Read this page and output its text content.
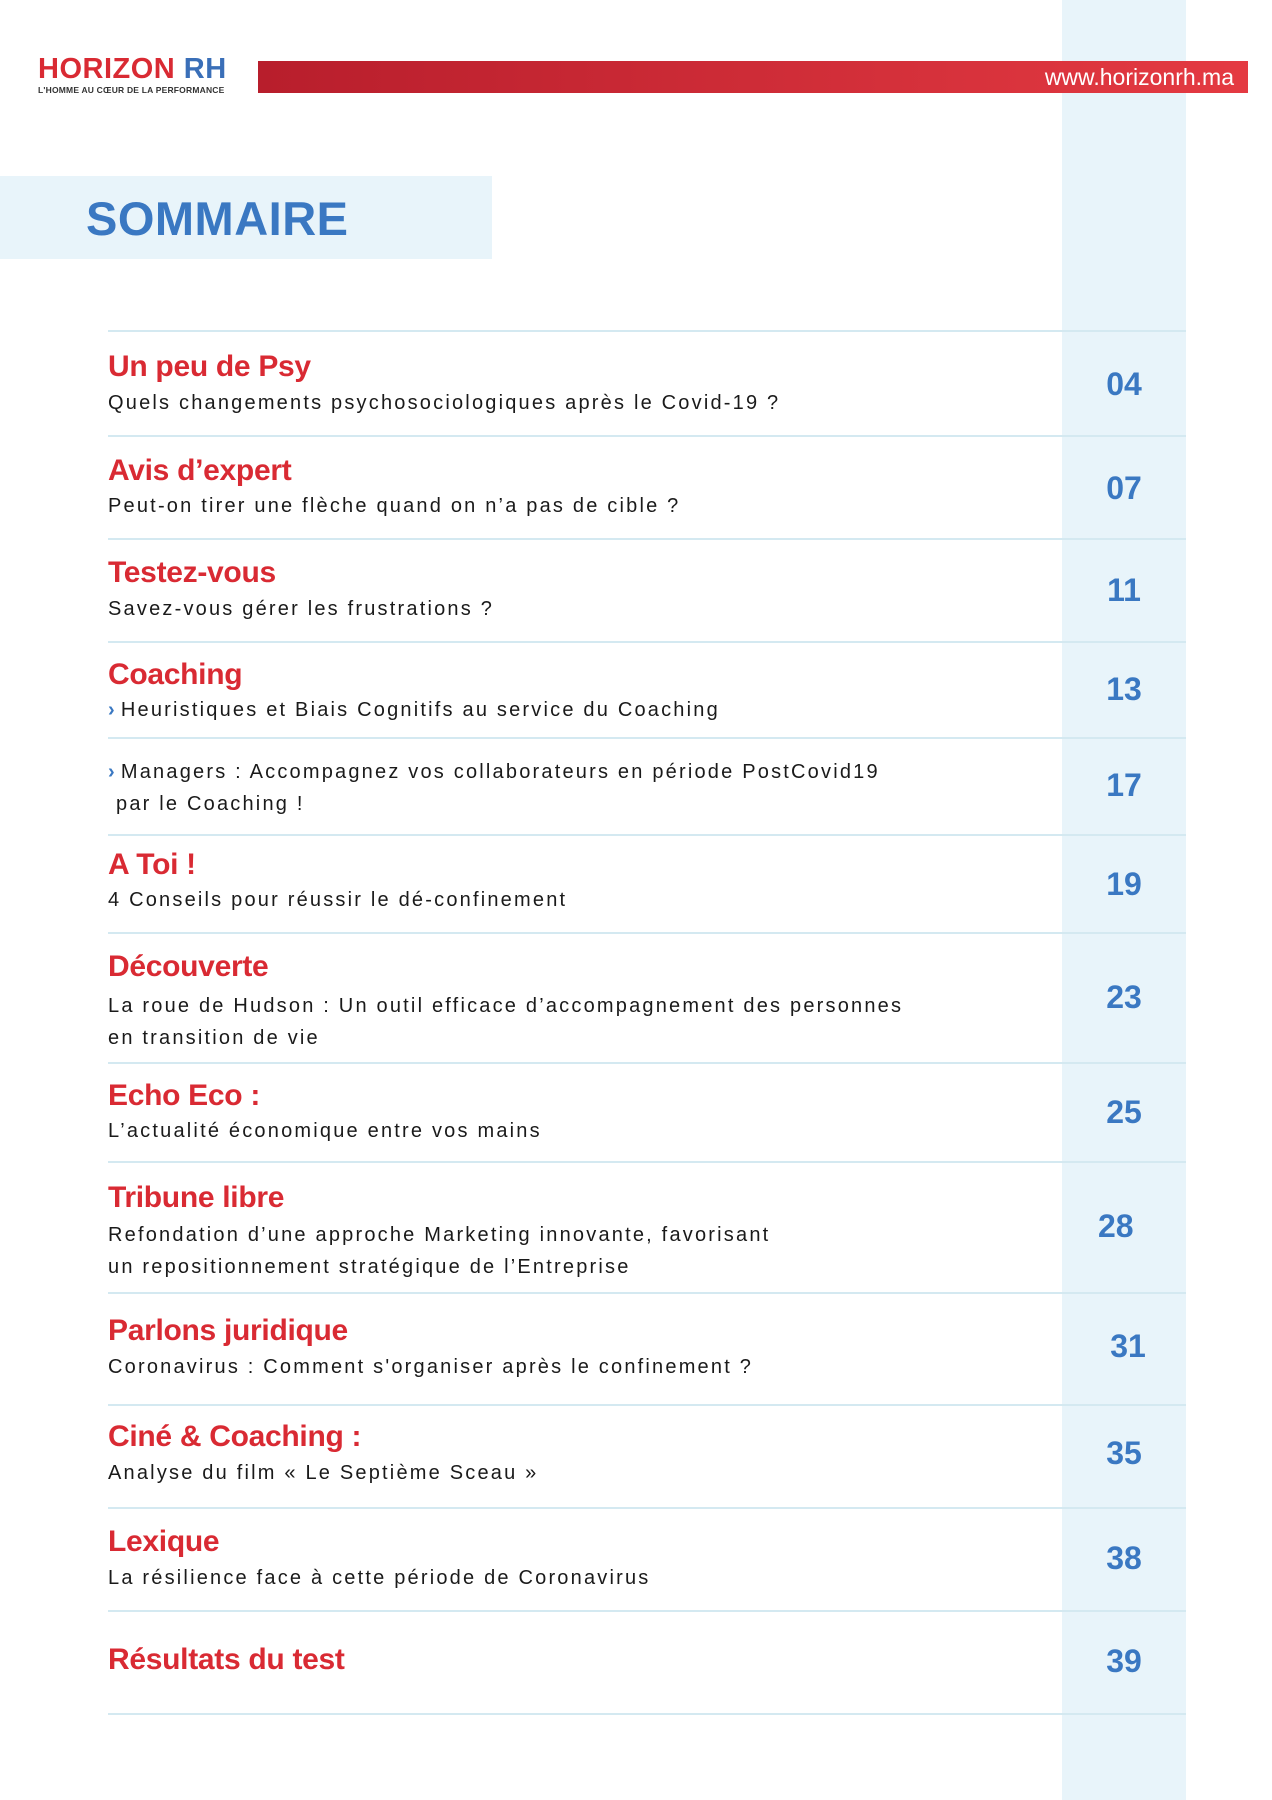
HORIZON RH
L'HOMME AU CŒUR DE LA PERFORMANCE	www.horizonrh.ma
SOMMAIRE
Un peu de Psy
Quels changements psychosociologiques après le Covid-19 ?
04
Avis d’expert
Peut-on tirer une flèche quand on n’a pas de cible ?	07
Testez-vous
Savez-vous gérer les frustrations ?
11
Coaching
› Heuristiques et Biais Cognitifs au service du Coaching
13
› Managers : Accompagnez vos collaborateurs en période PostCovid19
par le Coaching !
17
A Toi !
4 Conseils pour réussir le dé-confinement	19
Découverte
La roue de Hudson : Un outil efficace d’accompagnement des personnes
en transition de vie
23
Echo Eco :
L’actualité économique entre vos mains
25
Tribune libre
Refondation d’une approche Marketing innovante, favorisant
un repositionnement stratégique de l’Entreprise
28
Parlons juridique
Coronavirus : Comment s'organiser après le confinement ?
31
Ciné & Coaching :
Analyse du film « Le Septième Sceau »
35
Lexique
La résilience face à cette période de Coronavirus
38
Résultats du test	39
